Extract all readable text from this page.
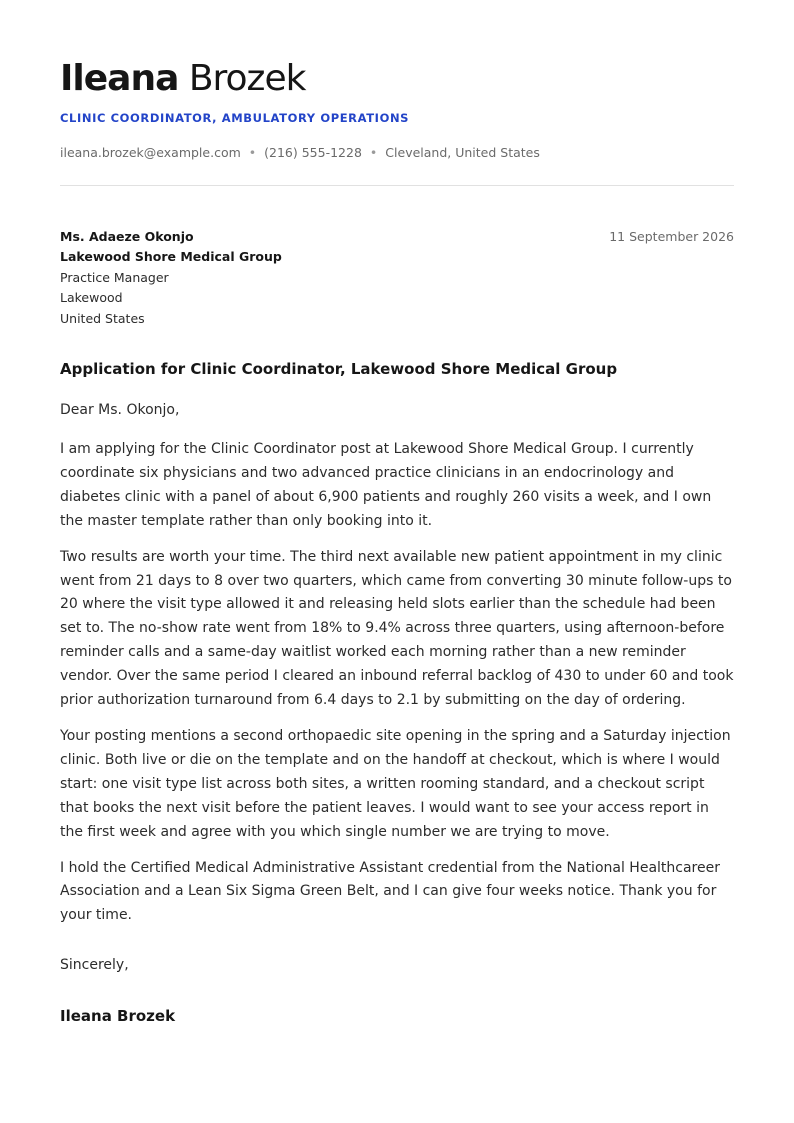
Ileana Brozek
CLINIC COORDINATOR, AMBULATORY OPERATIONS
ileana.brozek@example.com • (216) 555-1228 • Cleveland, United States
Ms. Adaeze Okonjo
Lakewood Shore Medical Group
Practice Manager
Lakewood
United States
11 September 2026
Application for Clinic Coordinator, Lakewood Shore Medical Group
Dear Ms. Okonjo,

I am applying for the Clinic Coordinator post at Lakewood Shore Medical Group. I currently coordinate six physicians and two advanced practice clinicians in an endocrinology and diabetes clinic with a panel of about 6,900 patients and roughly 260 visits a week, and I own the master template rather than only booking into it.

Two results are worth your time. The third next available new patient appointment in my clinic went from 21 days to 8 over two quarters, which came from converting 30 minute follow-ups to 20 where the visit type allowed it and releasing held slots earlier than the schedule had been set to. The no-show rate went from 18% to 9.4% across three quarters, using afternoon-before reminder calls and a same-day waitlist worked each morning rather than a new reminder vendor. Over the same period I cleared an inbound referral backlog of 430 to under 60 and took prior authorization turnaround from 6.4 days to 2.1 by submitting on the day of ordering.

Your posting mentions a second orthopaedic site opening in the spring and a Saturday injection clinic. Both live or die on the template and on the handoff at checkout, which is where I would start: one visit type list across both sites, a written rooming standard, and a checkout script that books the next visit before the patient leaves. I would want to see your access report in the first week and agree with you which single number we are trying to move.

I hold the Certified Medical Administrative Assistant credential from the National Healthcareer Association and a Lean Six Sigma Green Belt, and I can give four weeks notice. Thank you for your time.

Sincerely,
Ileana Brozek
